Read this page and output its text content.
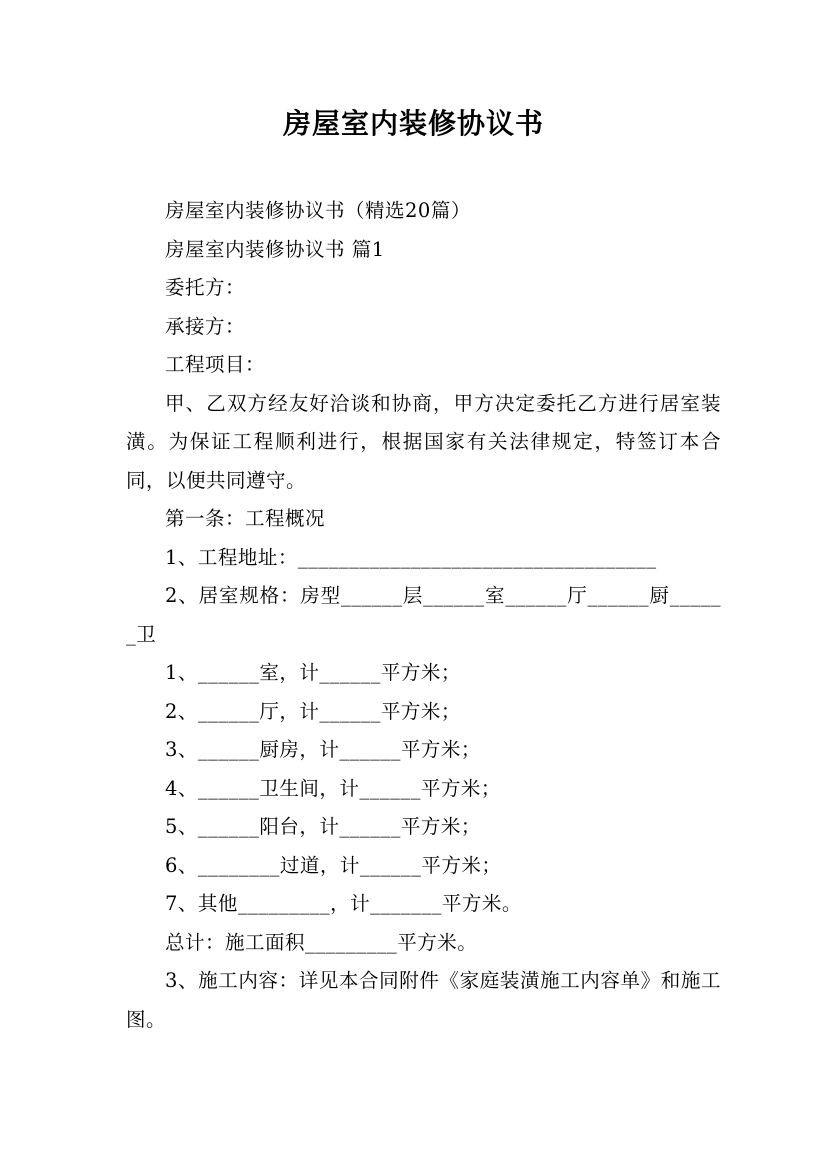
房屋室内装修协议书

房屋室内装修协议书（精选20篇）

房屋室内装修协议书 篇1

委托方：

承接方：

工程项目：

甲、乙双方经友好洽谈和协商，甲方决定委托乙方进行居室装潢。为保证工程顺利进行，根据国家有关法律规定，特签订本合同，以便共同遵守。

第一条：工程概况

1、工程地址：___________________________________

2、居室规格：房型______层______室______厅______厨______卫

1、______室，计______平方米；

2、______厅，计______平方米；

3、______厨房，计______平方米；

4、______卫生间，计______平方米；

5、______阳台，计______平方米；

6、________过道，计______平方米；

7、其他_________，计_______平方米。

总计：施工面积_________平方米。

3、施工内容：详见本合同附件《家庭装潢施工内容单》和施工图。
